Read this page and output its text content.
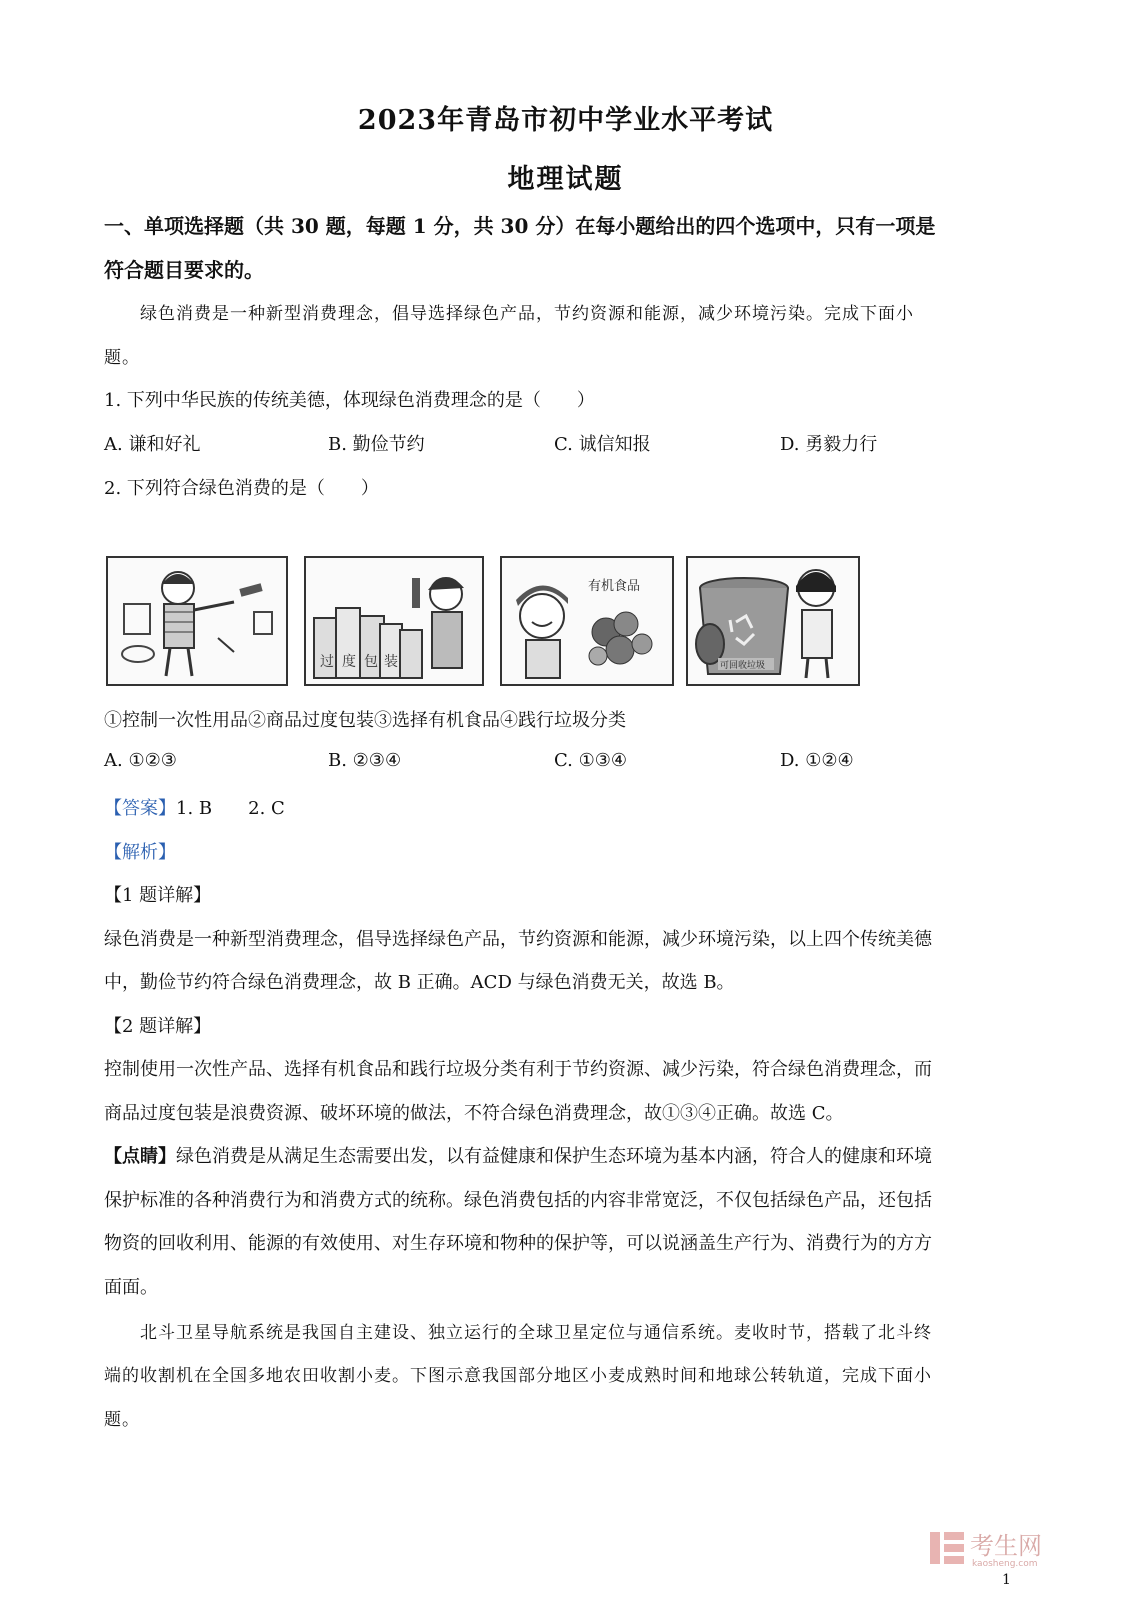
2023年青岛市初中学业水平考试
地理试题
一、单项选择题（共 30 题，每题 1 分，共 30 分）在每小题给出的四个选项中，只有一项是
符合题目要求的。
绿色消费是一种新型消费理念，倡导选择绿色产品，节约资源和能源，减少环境污染。完成下面小
题。
1. 下列中华民族的传统美德，体现绿色消费理念的是（　　）
A. 谦和好礼	B. 勤俭节约	C. 诚信知报	D. 勇毅力行
2. 下列符合绿色消费的是（　　）
过 度 包 装
有机食品
可回收垃圾
①控制一次性用品②商品过度包装③选择有机食品④践行垃圾分类
A. ①②③	B. ②③④	C. ①③④	D. ①②④
【答案】1. B　　2. C
【解析】
【1 题详解】
绿色消费是一种新型消费理念，倡导选择绿色产品，节约资源和能源，减少环境污染，以上四个传统美德
中，勤俭节约符合绿色消费理念，故 B 正确。ACD 与绿色消费无关，故选 B。
【2 题详解】
控制使用一次性产品、选择有机食品和践行垃圾分类有利于节约资源、减少污染，符合绿色消费理念，而
商品过度包装是浪费资源、破坏环境的做法，不符合绿色消费理念，故①③④正确。故选 C。
【点睛】绿色消费是从满足生态需要出发，以有益健康和保护生态环境为基本内涵，符合人的健康和环境
保护标准的各种消费行为和消费方式的统称。绿色消费包括的内容非常宽泛，不仅包括绿色产品，还包括
物资的回收利用、能源的有效使用、对生存环境和物种的保护等，可以说涵盖生产行为、消费行为的方方
面面。
北斗卫星导航系统是我国自主建设、独立运行的全球卫星定位与通信系统。麦收时节，搭载了北斗终
端的收割机在全国多地农田收割小麦。下图示意我国部分地区小麦成熟时间和地球公转轨道，完成下面小
题。
考生网
kaosheng.com
1
